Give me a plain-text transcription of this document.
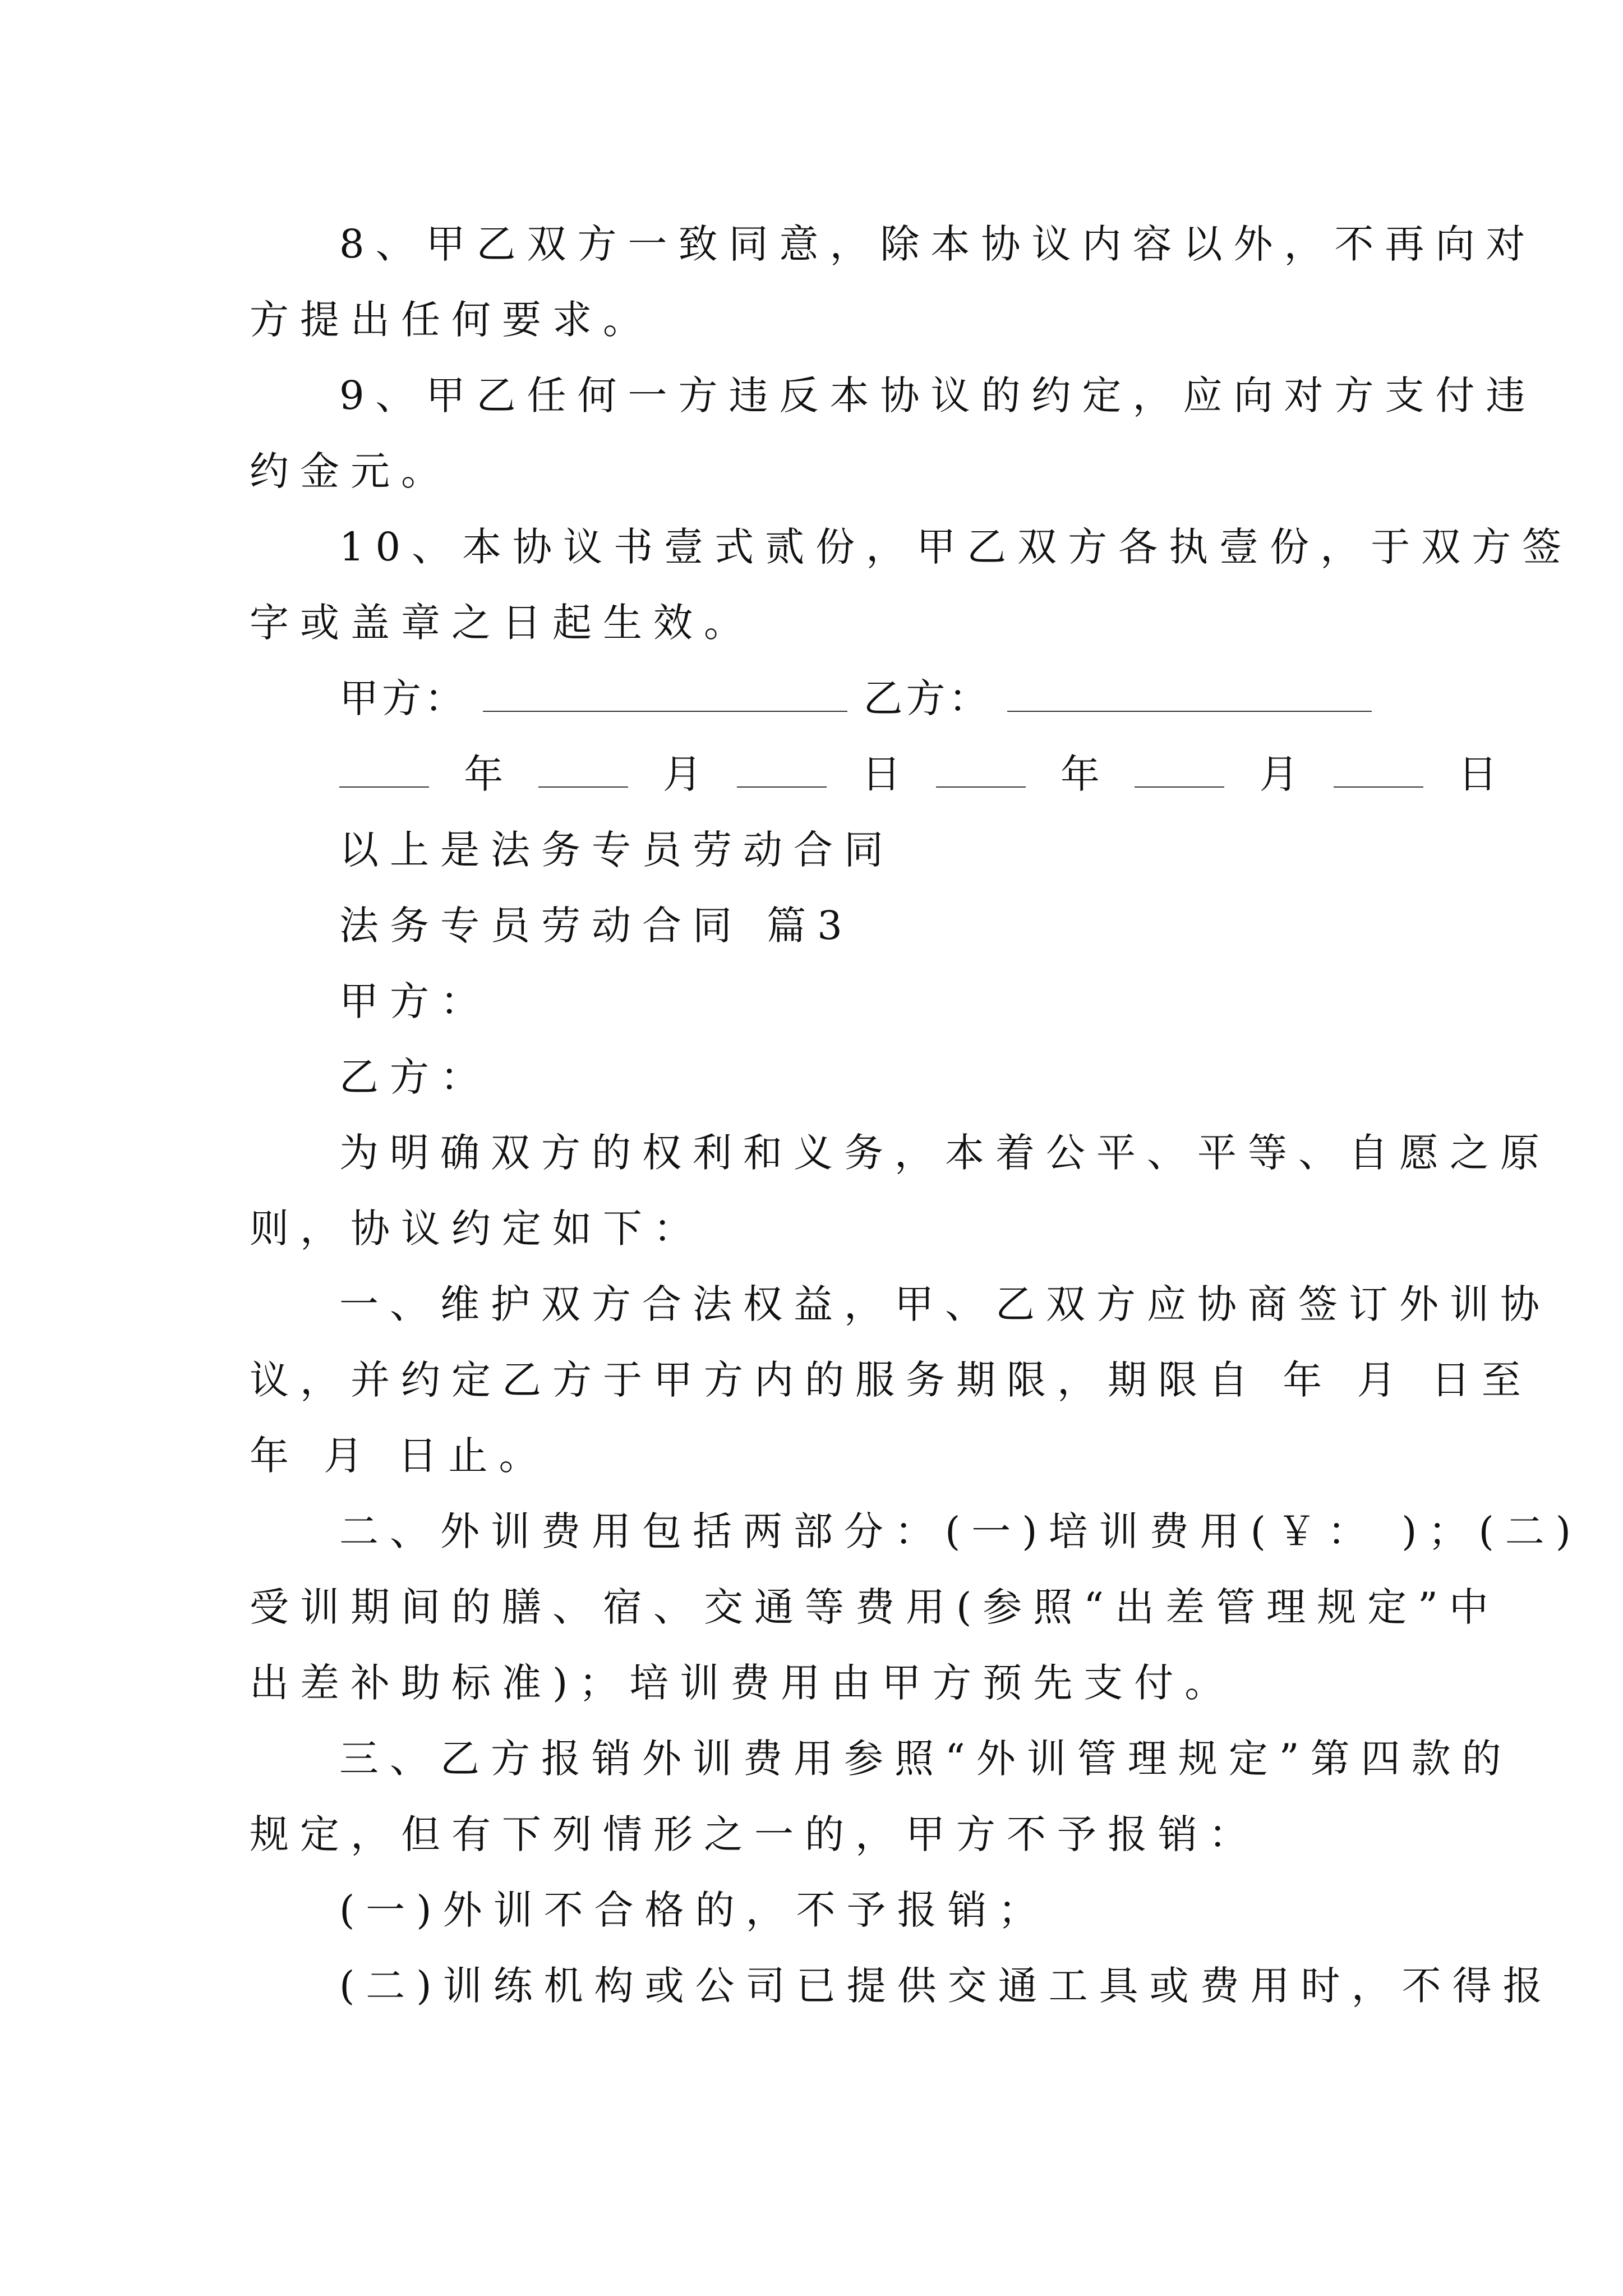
8、甲乙双方一致同意，除本协议内容以外，不再向对
方提出任何要求。
9、甲乙任何一方违反本协议的约定，应向对方支付违
约金元。
10、本协议书壹式贰份，甲乙双方各执壹份，于双方签
字或盖章之日起生效。
甲方：	乙方：
年	月	日	年	月	日
以上是法务专员劳动合同
法务专员劳动合同 篇3
甲方：
乙方：
为明确双方的权利和义务，本着公平、平等、自愿之原
则，协议约定如下：
一、维护双方合法权益，甲、乙双方应协商签订外训协
议，并约定乙方于甲方内的服务期限，期限自 年 月 日至
年 月 日止。
二、外训费用包括两部分：(一)培训费用(￥： )；(二)
受训期间的膳、宿、交通等费用(参照“出差管理规定”中
出差补助标准)；培训费用由甲方预先支付。
三、乙方报销外训费用参照“外训管理规定”第四款的
规定，但有下列情形之一的，甲方不予报销：
(一)外训不合格的，不予报销；
(二)训练机构或公司已提供交通工具或费用时，不得报
